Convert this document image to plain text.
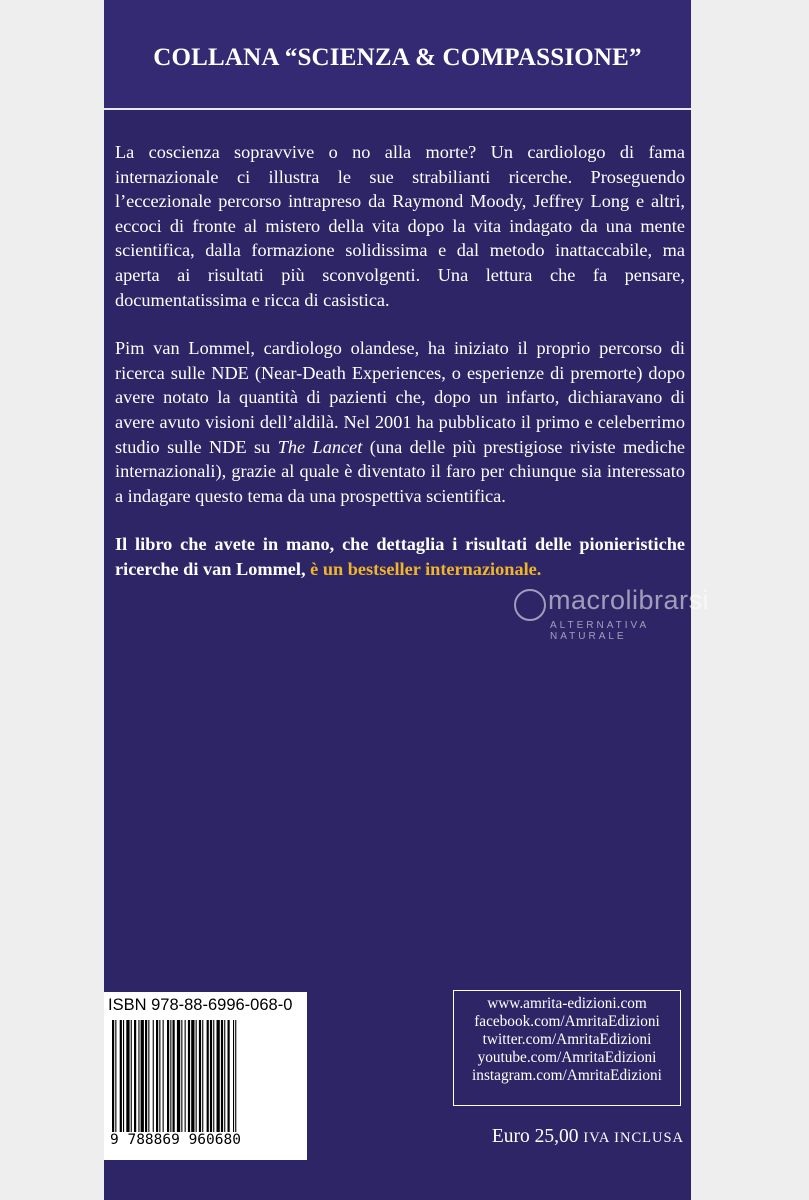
COLLANA “SCIENZA & COMPASSIONE”

La coscienza sopravvive o no alla morte? Un cardiologo di fama internazionale ci illustra le sue strabilianti ricerche. Proseguendo l’eccezionale percorso intrapreso da Raymond Moody, Jeffrey Long e altri, eccoci di fronte al mistero della vita dopo la vita indagato da una mente scientifica, dalla formazione solidissima e dal metodo inattaccabile, ma aperta ai risultati più sconvolgenti. Una lettura che fa pensare, documentatissima e ricca di casistica.

Pim van Lommel, cardiologo olandese, ha iniziato il proprio percorso di ricerca sulle NDE (Near-Death Experiences, o esperienze di premorte) dopo avere notato la quantità di pazienti che, dopo un infarto, dichiaravano di avere avuto visioni dell’aldilà. Nel 2001 ha pubblicato il primo e celeberrimo studio sulle NDE su The Lancet (una delle più prestigiose riviste mediche internazionali), grazie al quale è diventato il faro per chiunque sia interessato a indagare questo tema da una prospettiva scientifica.

Il libro che avete in mano, che dettaglia i risultati delle pionieristiche ricerche di van Lommel, è un bestseller internazionale.

macrolibrarsi
ALTERNATIVA NATURALE
ISBN 978-88-6996-068-0
9 788869 960680
www.amrita-edizioni.com
facebook.com/AmritaEdizioni
twitter.com/AmritaEdizioni
youtube.com/AmritaEdizioni
instagram.com/AmritaEdizioni
Euro 25,00 IVA INCLUSA
